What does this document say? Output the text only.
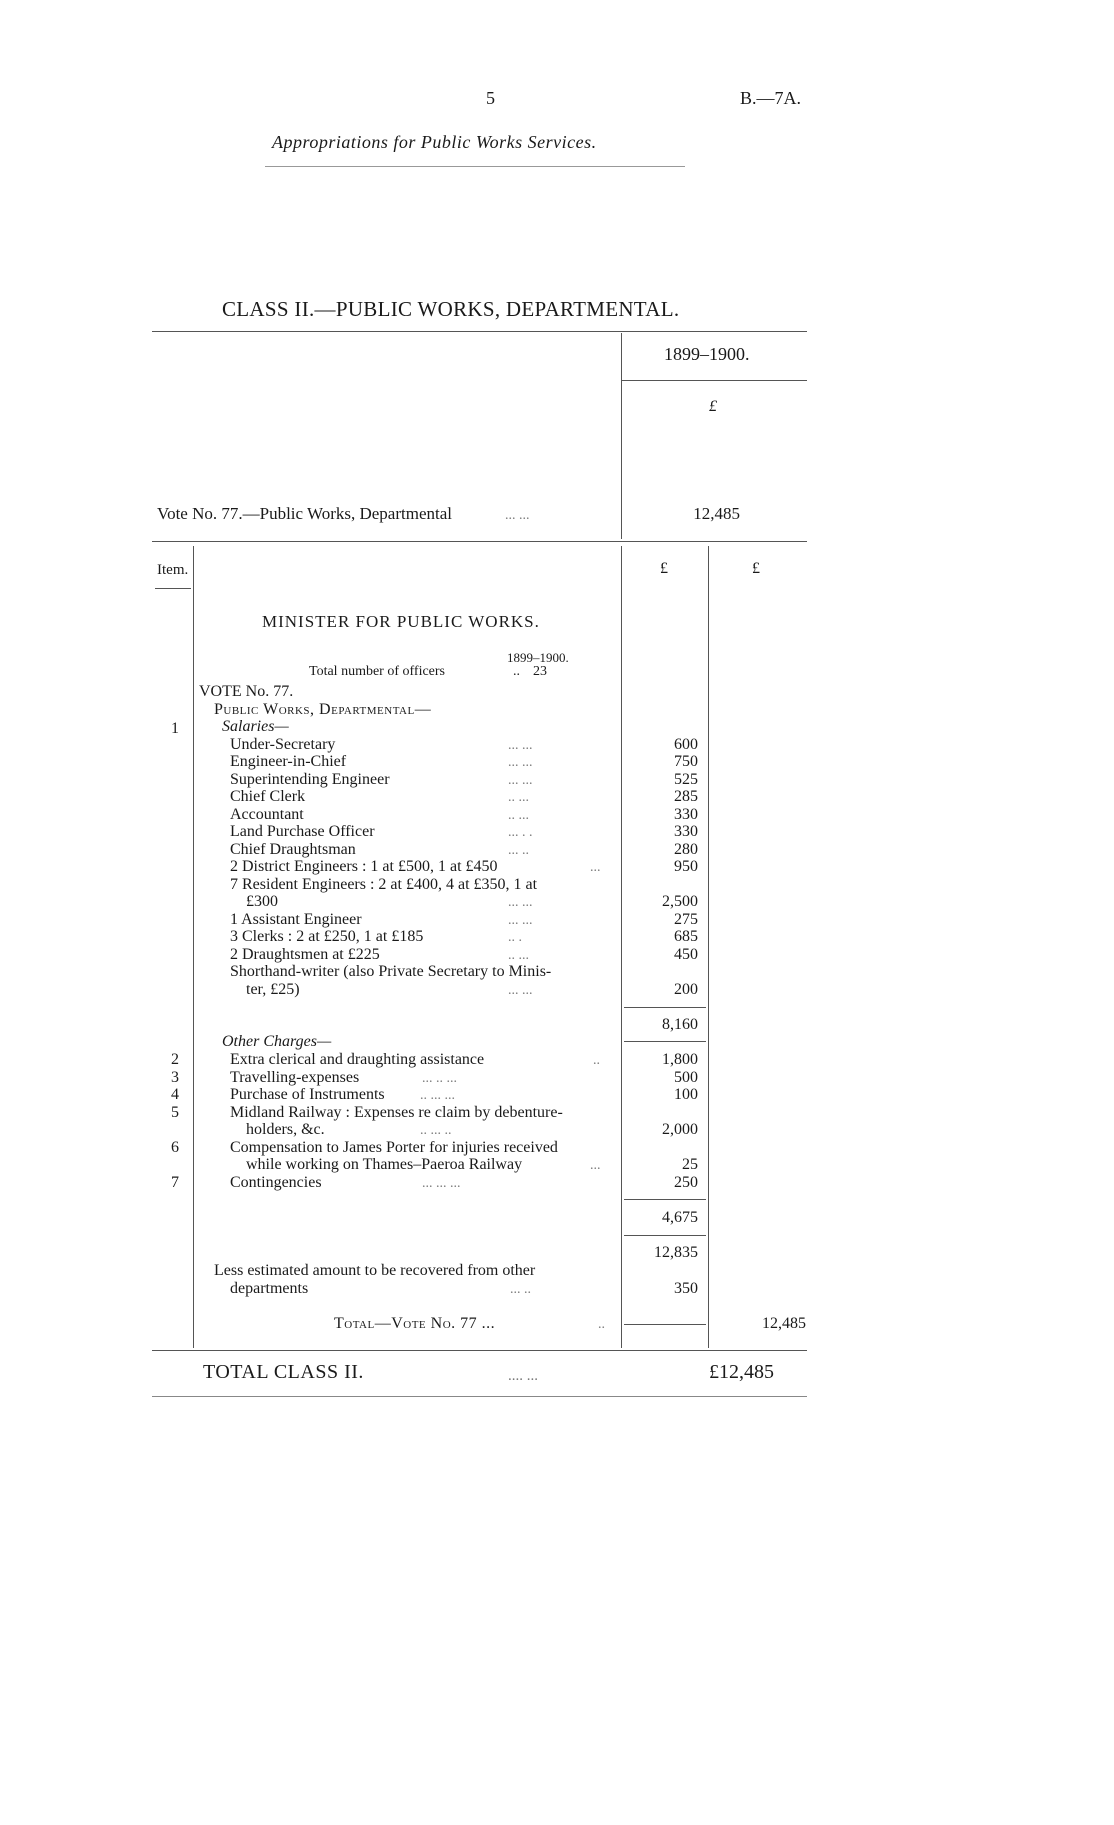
5	B.—7A.
Appropriations for Public Works Services.
CLASS II.—PUBLIC WORKS, DEPARTMENTAL.
1899–1900.
£
Vote No. 77.—Public Works, Departmental	... ...	12,485
Item.	£	£
MINISTER FOR PUBLIC WORKS.
1899–1900.
Total number of officers	.. 23
VOTE No. 77.
Public Works, Departmental—
Salaries—
1
Under-Secretary	... ...	600
Engineer-in-Chief	... ...	750
Superintending Engineer	... ...	525
Chief Clerk	.. ...	285
Accountant	.. ...	330
Land Purchase Officer	... . .	330
Chief Draughtsman	... ..	280
2 District Engineers : 1 at £500, 1 at £450	...	950
7 Resident Engineers : 2 at £400, 4 at £350, 1 at
£300	... ...	2,500
1 Assistant Engineer	... ...	275
3 Clerks : 2 at £250, 1 at £185	.. .	685
2 Draughtsmen at £225	.. ...	450
Shorthand-writer (also Private Secretary to Minis-
ter, £25)	... ...	200
8,160
Other Charges—
2	Extra clerical and draughting assistance	..	1,800
3	Travelling-expenses	... .. ...	500
4	Purchase of Instruments	.. ... ...	100
5	Midland Railway : Expenses re claim by debenture-
holders, &c.	.. ... ..	2,000
6	Compensation to James Porter for injuries received
while working on Thames–Paeroa Railway	...	25
7	Contingencies	... ... ...	250
4,675
12,835
Less estimated amount to be recovered from other
departments	... ..	350
Total—Vote No. 77 ...	..	12,485
TOTAL CLASS II.	.... ...	£12,485
